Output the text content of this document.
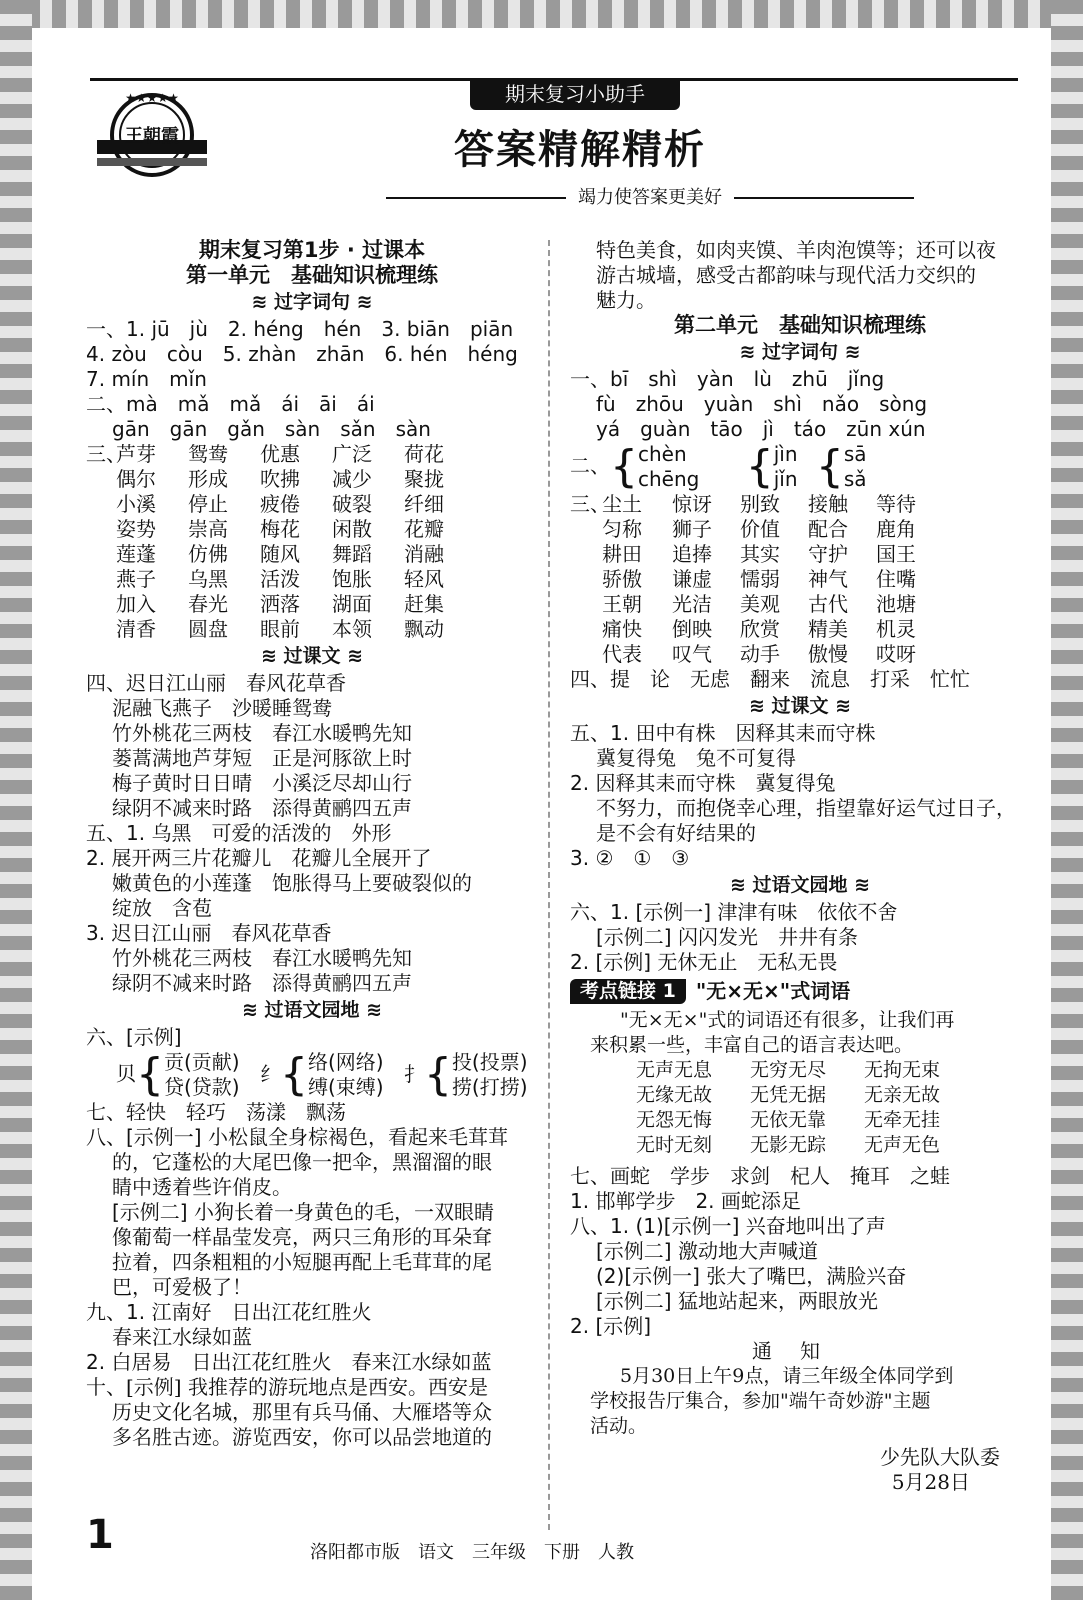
王朝霞
★★★★★	期末复习小助手
答案精解精析
竭力使答案更美好
期末复习第1步 · 过课本
第一单元　基础知识梳理练
≋ 过字词句 ≋
一、1. jū　jù　2. héng　hén　3. biān　piān
4. zòu　còu　5. zhàn　zhān　6. hén　héng
7. mín　mǐn
二、mà　mǎ　mǎ　ái　āi　ái
gān　gān　gǎn　sàn　sǎn　sàn
三、
芦芽	鸳鸯	优惠	广泛	荷花
偶尔	形成	吹拂	减少	聚拢
小溪	停止	疲倦	破裂	纤细
姿势	崇高	梅花	闲散	花瓣
莲蓬	仿佛	随风	舞蹈	消融
燕子	乌黑	活泼	饱胀	轻风
加入	春光	洒落	湖面	赶集
清香	圆盘	眼前	本领	飘动
≋ 过课文 ≋
四、迟日江山丽　春风花草香
泥融飞燕子　沙暖睡鸳鸯
竹外桃花三两枝　春江水暖鸭先知
蒌蒿满地芦芽短　正是河豚欲上时
梅子黄时日日晴　小溪泛尽却山行
绿阴不减来时路　添得黄鹂四五声
五、1. 乌黑　可爱的活泼的　外形
2. 展开两三片花瓣儿　花瓣儿全展开了
嫩黄色的小莲蓬　饱胀得马上要破裂似的
绽放　含苞
3. 迟日江山丽　春风花草香
竹外桃花三两枝　春江水暖鸭先知
绿阴不减来时路　添得黄鹂四五声
≋ 过语文园地 ≋
六、[示例]
贝{贡(贡献)
贷(贷款) 纟{络(网络)
缚(束缚) 扌{投(投票)
捞(打捞)
七、轻快　轻巧　荡漾　飘荡
八、[示例一] 小松鼠全身棕褐色，看起来毛茸茸
的，它蓬松的大尾巴像一把伞，黑溜溜的眼
睛中透着些许俏皮。
[示例二] 小狗长着一身黄色的毛，一双眼睛
像葡萄一样晶莹发亮，两只三角形的耳朵耷
拉着，四条粗粗的小短腿再配上毛茸茸的尾
巴，可爱极了！
九、1. 江南好　日出江花红胜火
春来江水绿如蓝
2. 白居易　日出江花红胜火　春来江水绿如蓝
十、[示例] 我推荐的游玩地点是西安。西安是
历史文化名城，那里有兵马俑、大雁塔等众
多名胜古迹。游览西安，你可以品尝地道的
特色美食，如肉夹馍、羊肉泡馍等；还可以夜
游古城墙，感受古都韵味与现代活力交织的
魅力。
第二单元　基础知识梳理练
≋ 过字词句 ≋
一、bī　shì　yàn　lù　zhū　jǐng
fù　zhōu　yuàn　shì　nǎo　sòng
yá　guàn　tāo　jì　táo　zūn xún
二、{chèn
chēng {jìn
jǐn {sā
sǎ
三、
尘土	惊讶	别致	接触	等待
匀称	狮子	价值	配合	鹿角
耕田	追捧	其实	守护	国王
骄傲	谦虚	懦弱	神气	住嘴
王朝	光洁	美观	古代	池塘
痛快	倒映	欣赏	精美	机灵
代表	叹气	动手	傲慢	哎呀
四、提　论　无虑　翻来　流息　打采　忙忙
≋ 过课文 ≋
五、1. 田中有株　因释其耒而守株
冀复得兔　兔不可复得
2. 因释其耒而守株　冀复得兔
不努力，而抱侥幸心理，指望靠好运气过日子，
是不会有好结果的
3. ②　①　③
≋ 过语文园地 ≋
六、1. [示例一] 津津有味　依依不舍
[示例二] 闪闪发光　井井有条
2. [示例] 无休无止　无私无畏
考点链接 1	"无×无×"式词语
"无×无×"式的词语还有很多，让我们再
来积累一些，丰富自己的语言表达吧。
无声无息	无穷无尽	无拘无束
无缘无故	无凭无据	无亲无故
无怨无悔	无依无靠	无牵无挂
无时无刻	无影无踪	无声无色
七、画蛇　学步　求剑　杞人　掩耳　之蛙
1. 邯郸学步　2. 画蛇添足
八、1. (1)[示例一] 兴奋地叫出了声
[示例二] 激动地大声喊道
(2)[示例一] 张大了嘴巴，满脸兴奋
[示例二] 猛地站起来，两眼放光
2. [示例]
通知
5月30日上午9点，请三年级全体同学到
学校报告厅集合，参加"端午奇妙游"主题
活动。
少先队大队委
5月28日
1	洛阳都市版　语文　三年级　下册　人教
